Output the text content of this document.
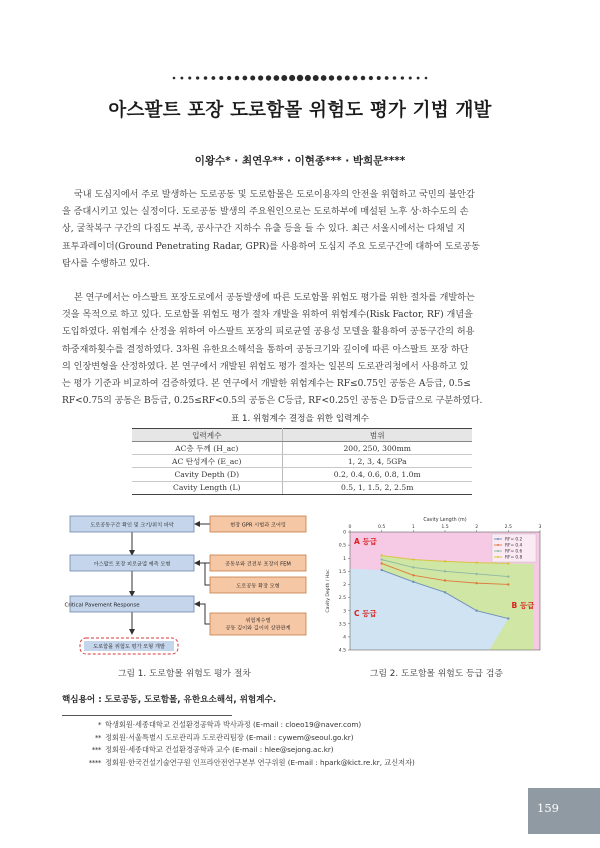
아스팔트 포장 도로함몰 위험도 평가 기법 개발
이왕수* · 최연우** · 이현종*** · 박희문****

국내 도심지에서 주로 발생하는 도로공동 및 도로함몰은 도로이용자의 안전을 위협하고 국민의 불안감

을 증대시키고 있는 실정이다. 도로공동 발생의 주요원인으로는 도로하부에 매설된 노후 상·하수도의 손
상, 굴착복구 구간의 다짐도 부족, 공사구간 지하수 유출 등을 들 수 있다. 최근 서울시에서는 다채널 지
표투과레이더(Ground Penetrating Radar, GPR)를 사용하여 도심지 주요 도로구간에 대하여 도로공동
탐사를 수행하고 있다.

본 연구에서는 아스팔트 포장도로에서 공동발생에 따른 도로함몰 위험도 평가를 위한 절차를 개발하는

것을 목적으로 하고 있다. 도로함몰 위험도 평가 절차 개발을 위하여 위험계수(Risk Factor, RF) 개념을
도입하였다. 위험계수 산정을 위하여 아스팔트 포장의 피로균열 공용성 모델을 활용하여 공동구간의 허용
하중재하횟수를 결정하였다. 3차원 유한요소해석을 통하여 공동크기와 깊이에 따른 아스팔트 포장 하단
의 인장변형을 산정하였다. 본 연구에서 개발된 위험도 평가 절차는 일본의 도로관리청에서 사용하고 있
는 평가 기준과 비교하여 검증하였다. 본 연구에서 개발한 위험계수는 RF≤0.75인 공동은 A등급, 0.5≤
RF<0.75의 공동은 B등급, 0.25≤RF<0.5의 공동은 C등급, RF<0.25인 공동은 D등급으로 구분하였다.
표 1. 위험계수 결정을 위한 입력계수
입력계수	범위
AC층 두께 (H_ac)	200, 250, 300mm
AC 탄성계수 (E_ac)	1, 2, 3, 4, 5GPa
Cavity Depth (D)	0.2, 0.4, 0.6, 0.8, 1.0m
Cavity Length (L)	0.5, 1, 1.5, 2, 2.5m
도로공동구간 확인 및 크기/위치 파악
아스팔트 포장 피로균열 예측 모형
Critical Pavement Response
도로함몰 위험도 평가 모형 개발
현장 GPR 시험과 코어링
공동부와 건전부 포장의 FEM
도로공동 확장 모형
위험계수별 공동 깊이와 길이의 상관관계
0	0.5	1	1.5	2	2.5	3
Cavity Length (m)
0
0.5
1
1.5
2
2.5
3
3.5
4
4.5
Cavity Depth / Hac
RF= 0.2
RF= 0.4
RF= 0.6
RF= 0.8
A 등급
B 등급
C 등급
그림 1. 도로함몰 위험도 평가 절차	그림 2. 도로함몰 위험도 등급 검증
핵심용어 : 도로공동, 도로함몰, 유한요소해석, 위험계수.
* 학생회원·세종대학교 건설환경공학과 박사과정 (E-mail : cloeo19@naver.com)
** 정회원·서울특별시 도로관리과 도로관리팀장 (E-mail : cywem@seoul.go.kr)
*** 정회원·세종대학교 건설환경공학과 교수 (E-mail : hlee@sejong.ac.kr)
**** 정회원·한국건설기술연구원 인프라안전연구본부 연구위원 (E-mail : hpark@kict.re.kr, 교신저자)
159
